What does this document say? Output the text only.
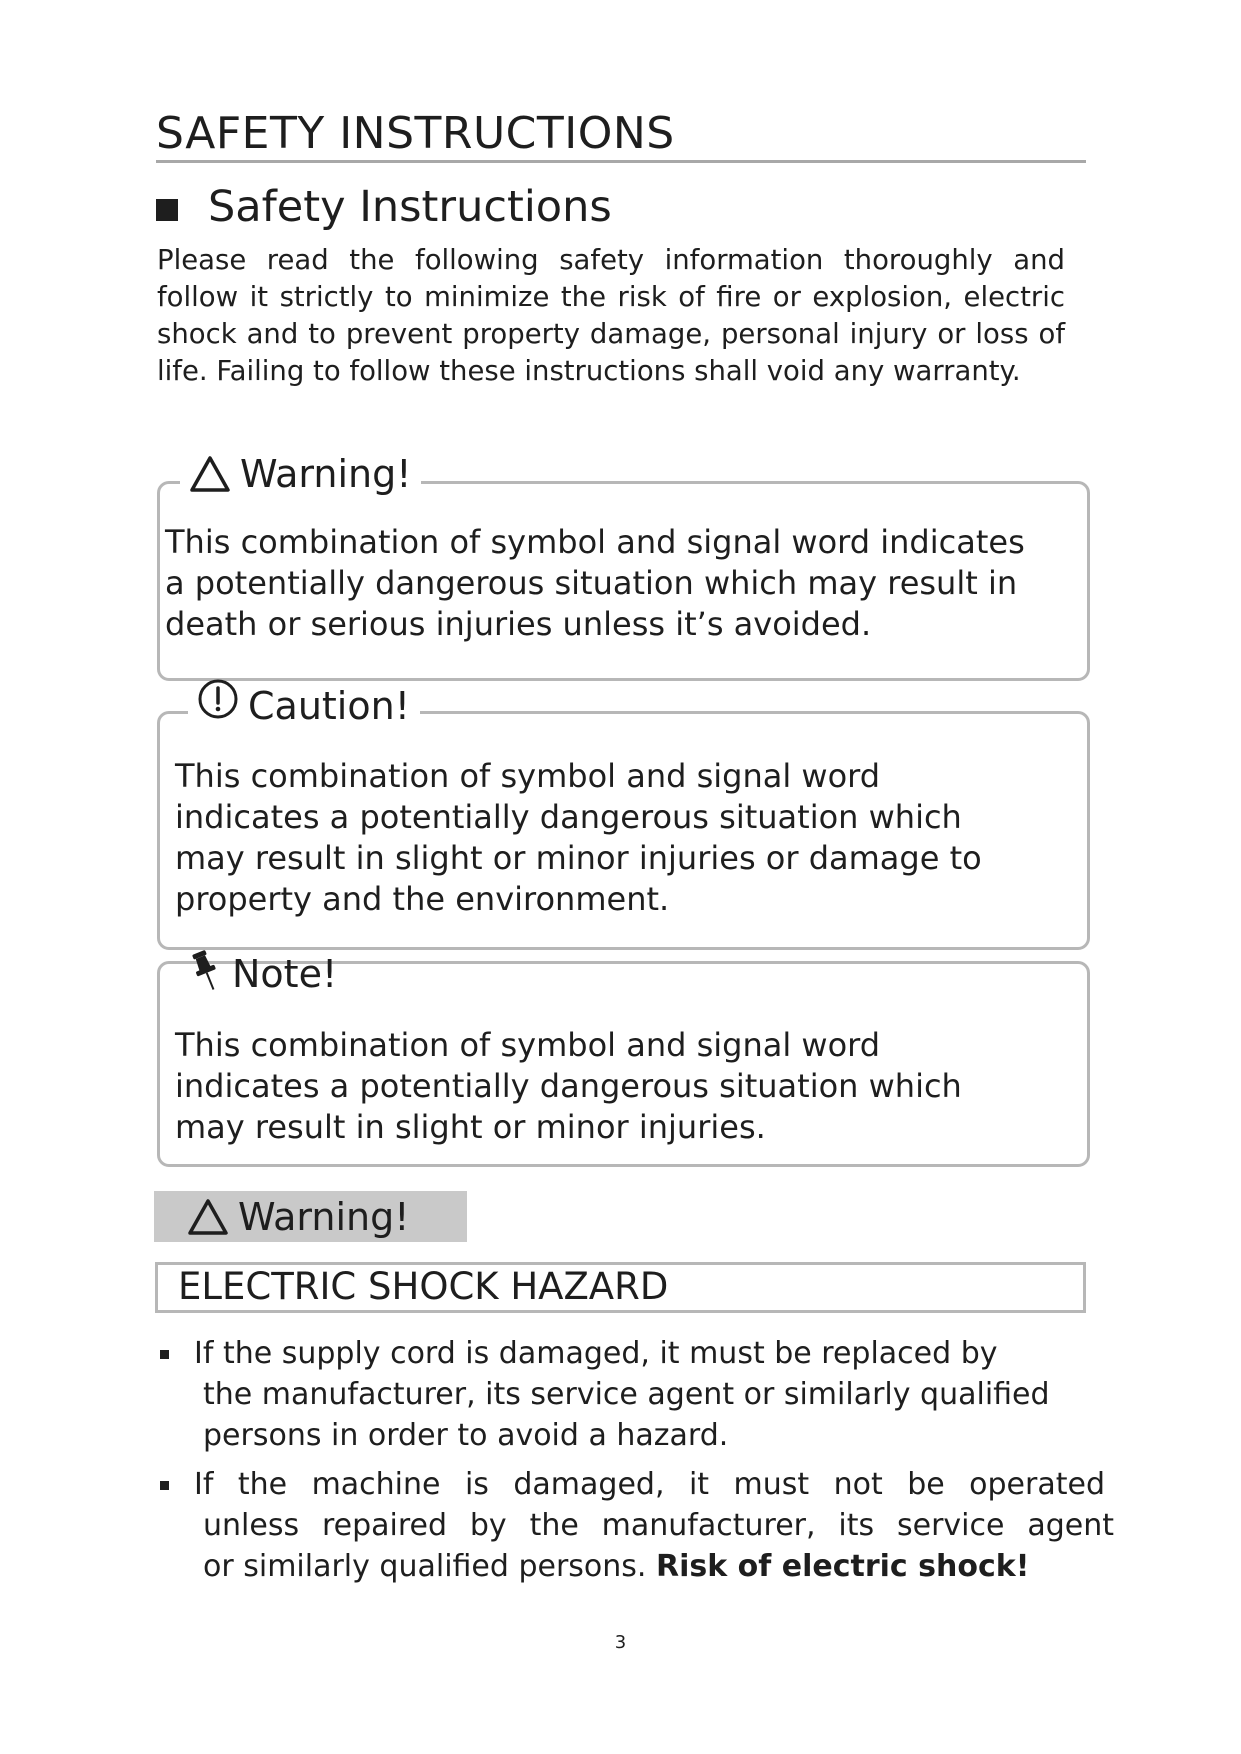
SAFETY INSTRUCTIONS
Safety Instructions
Please read the following safety information thoroughly and follow it strictly to minimize the risk of fire or explosion, electric shock and to prevent property damage, personal injury or loss of life. Failing to follow these instructions shall void any warranty.
Warning!
This combination of symbol and signal word indicates
a potentially dangerous situation which may result in
death or serious injuries unless it’s avoided.
Caution!
This combination of symbol and signal word
indicates a potentially dangerous situation which
may result in slight or minor injuries or damage to
property and the environment.
Note!
This combination of symbol and signal word
indicates a potentially dangerous situation which
may result in slight or minor injuries.
Warning!
ELECTRIC SHOCK HAZARD
If the supply cord is damaged, it must be replaced by
the manufacturer, its service agent or similarly qualified
persons in order to avoid a hazard.
If the machine is damaged, it must not be operated
unless repaired by the manufacturer, its service agent
or similarly qualified persons. Risk of electric shock!
3
